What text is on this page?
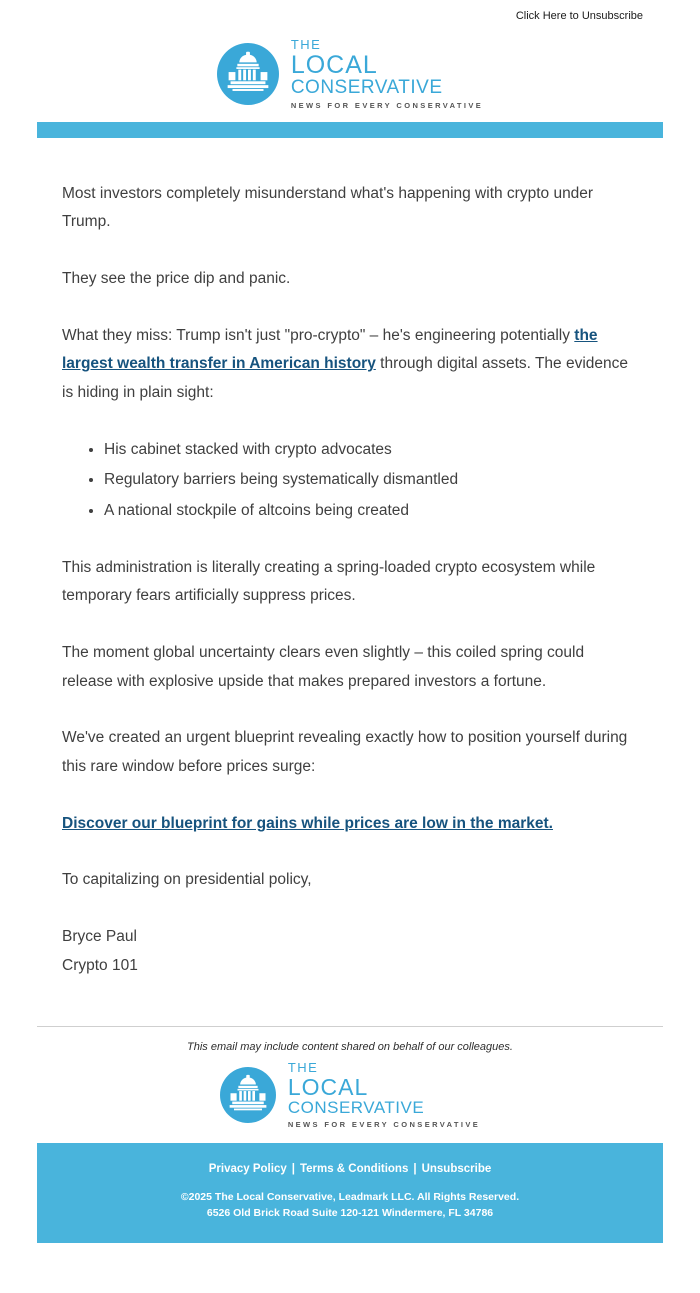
Click Here to Unsubscribe
THE
LOCAL
CONSERVATIVE
NEWS FOR EVERY CONSERVATIVE

Most investors completely misunderstand what's happening with crypto under Trump.

They see the price dip and panic.

What they miss: Trump isn't just "pro-crypto" – he's engineering potentially the largest wealth transfer in American history through digital assets. The evidence is hiding in plain sight:

• His cabinet stacked with crypto advocates
• Regulatory barriers being systematically dismantled
• A national stockpile of altcoins being created

This administration is literally creating a spring-loaded crypto ecosystem while temporary fears artificially suppress prices.

The moment global uncertainty clears even slightly – this coiled spring could release with explosive upside that makes prepared investors a fortune.

We've created an urgent blueprint revealing exactly how to position yourself during this rare window before prices surge:

Discover our blueprint for gains while prices are low in the market.

To capitalizing on presidential policy,

Bryce Paul

Crypto 101

This email may include content shared on behalf of our colleagues.
THE
LOCAL
CONSERVATIVE
NEWS FOR EVERY CONSERVATIVE
Privacy Policy | Terms & Conditions | Unsubscribe
©2025 The Local Conservative, Leadmark LLC. All Rights Reserved.
6526 Old Brick Road Suite 120-121 Windermere, FL 34786
